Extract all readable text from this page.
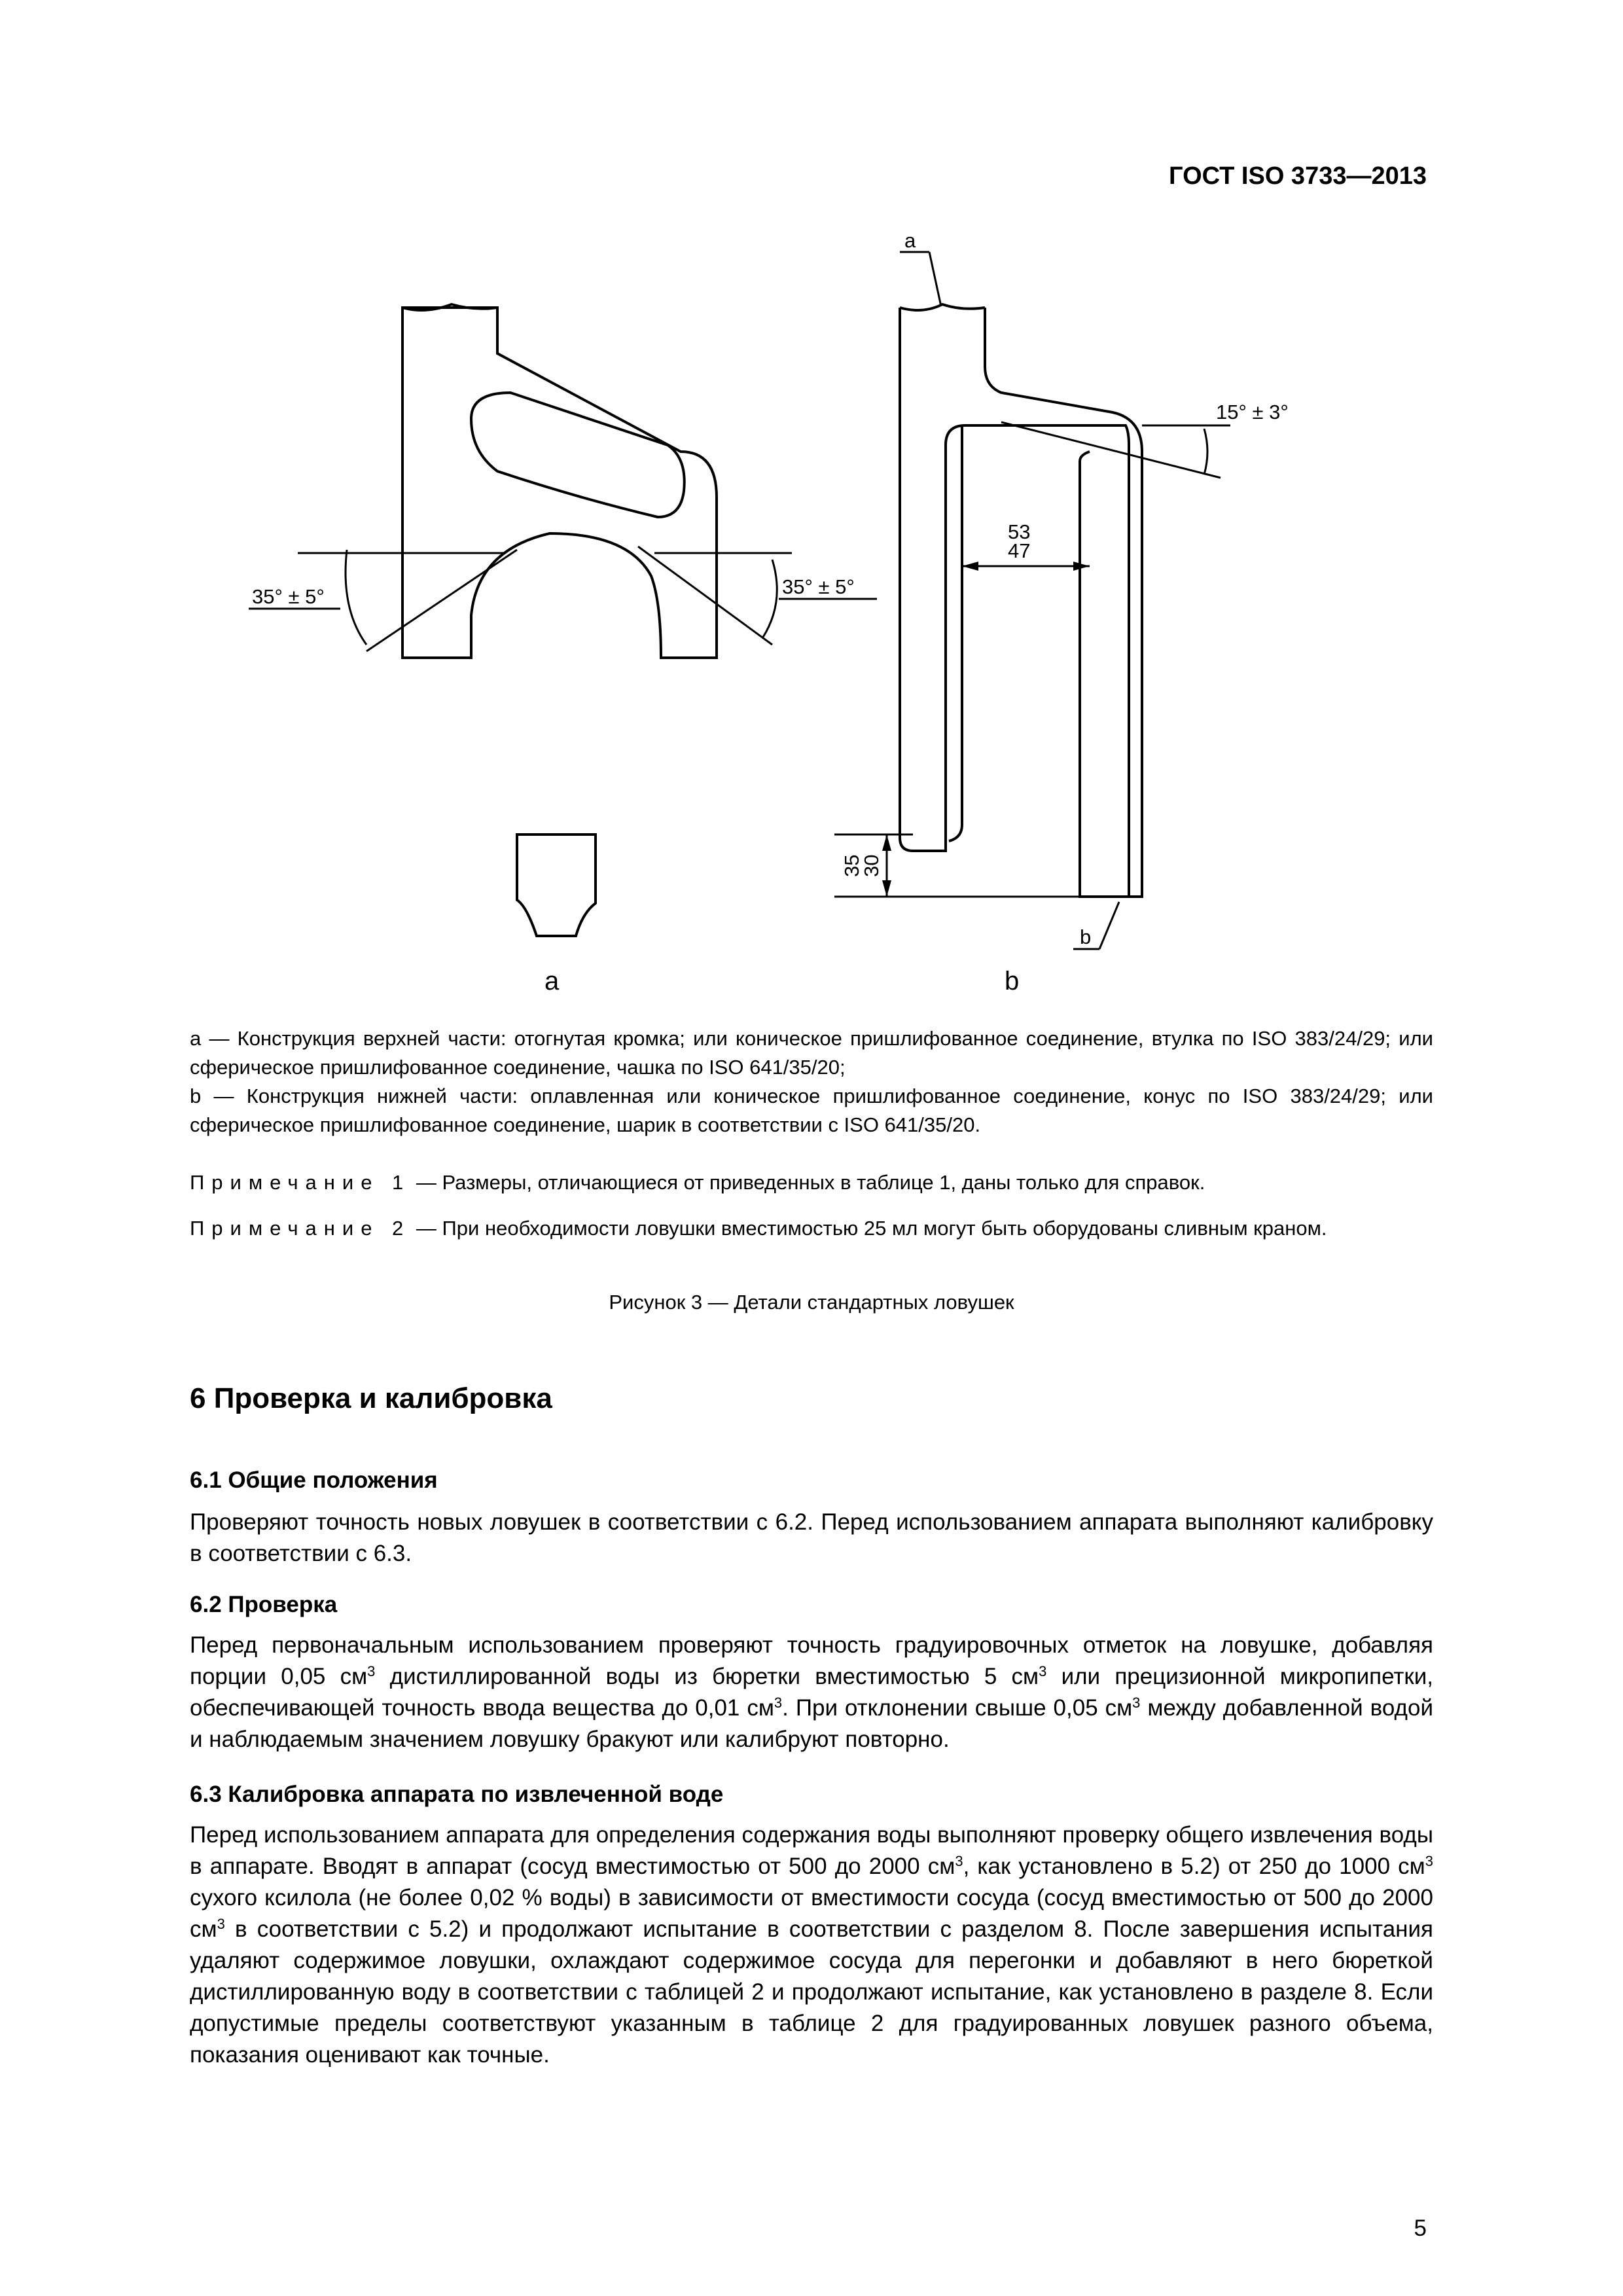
ГОСТ ISO 3733—2013
a
b
35° ± 5°	35° ± 5°
15° ± 3°
53
47
35
30
a	b

a — Конструкция верхней части: отогнутая кромка; или коническое пришлифованное соединение, втулка по ISO 383/24/29; или сферическое пришлифованное соединение, чашка по ISO 641/35/20;

b — Конструкция нижней части: оплавленная или коническое пришлифованное соединение, конус по ISO 383/24/29; или сферическое пришлифованное соединение, шарик в соответствии с ISO 641/35/20.

Примечание 1 — Размеры, отличающиеся от приведенных в таблице 1, даны только для справок.
Примечание 2 — При необходимости ловушки вместимостью 25 мл могут быть оборудованы сливным краном.
Рисунок 3 — Детали стандартных ловушек
6 Проверка и калибровка
6.1 Общие положения

Проверяют точность новых ловушек в соответствии с 6.2. Перед использованием аппарата выполняют калибровку в соответствии с 6.3.

6.2 Проверка

Перед первоначальным использованием проверяют точность градуировочных отметок на ловушке, добавляя порции 0,05 $см^3$ дистиллированной воды из бюретки вместимостью 5 $см^3$ или прецизионной микропипетки, обеспечивающей точность ввода вещества до 0,01 $см^3$. При отклонении свыше 0,05 $см^3$ между добавленной водой и наблюдаемым значением ловушку бракуют или калибруют повторно.

6.3 Калибровка аппарата по извлеченной воде

Перед использованием аппарата для определения содержания воды выполняют проверку общего извлечения воды в аппарате. Вводят в аппарат (сосуд вместимостью от 500 до 2000 $см^3$, как установлено в 5.2) от 250 до 1000 $см^3$ сухого ксилола (не более 0,02 % воды) в зависимости от вместимости сосуда (сосуд вместимостью от 500 до 2000 $см^3$ в соответствии с 5.2) и продолжают испытание в соответствии с разделом 8. После завершения испытания удаляют содержимое ловушки, охлаждают содержимое сосуда для перегонки и добавляют в него бюреткой дистиллированную воду в соответствии с таблицей 2 и продолжают испытание, как установлено в разделе 8. Если допустимые пределы соответствуют указанным в таблице 2 для градуированных ловушек разного объема, показания оценивают как точные.

5
